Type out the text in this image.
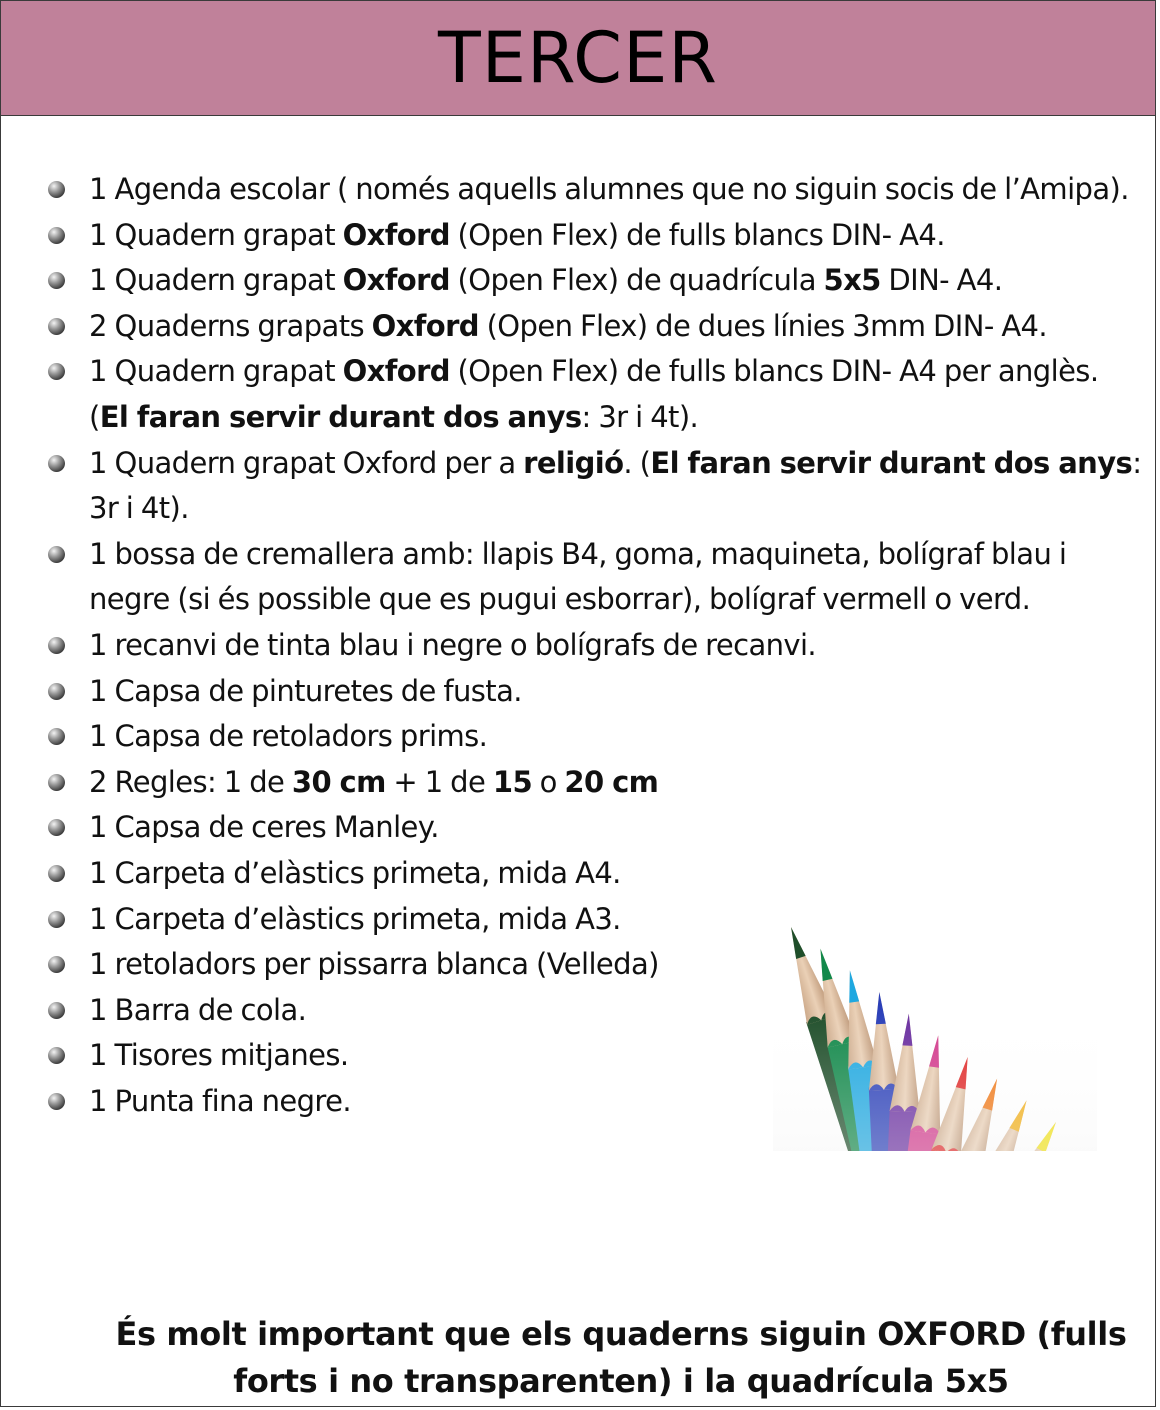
TERCER
1 Agenda escolar ( només aquells alumnes que no siguin socis de l’Amipa).
1 Quadern grapat Oxford (Open Flex) de fulls blancs DIN- A4.
1 Quadern grapat Oxford (Open Flex) de quadrícula 5x5 DIN- A4.
2 Quaderns grapats Oxford (Open Flex) de dues línies 3mm DIN- A4.
1 Quadern grapat Oxford (Open Flex) de fulls blancs DIN- A4 per anglès. (El faran servir durant dos anys: 3r i 4t).
1 Quadern grapat Oxford per a religió. (El faran servir durant dos anys: 3r i 4t).
1 bossa de cremallera amb: llapis B4, goma, maquineta, bolígraf blau i negre (si és possible que es pugui esborrar), bolígraf vermell o verd.
1 recanvi de tinta blau i negre o bolígrafs de recanvi.
1 Capsa de pinturetes de fusta.
1 Capsa de retoladors prims.
2 Regles: 1 de 30 cm + 1 de 15 o 20 cm
1 Capsa de ceres Manley.
1 Carpeta d’elàstics primeta, mida A4.
1 Carpeta d’elàstics primeta, mida A3.
1 retoladors per pissarra blanca (Velleda)
1 Barra de cola.
1 Tisores mitjanes.
1 Punta fina negre.
És molt important que els quaderns siguin OXFORD (fulls forts i no transparenten) i la quadrícula 5x5
